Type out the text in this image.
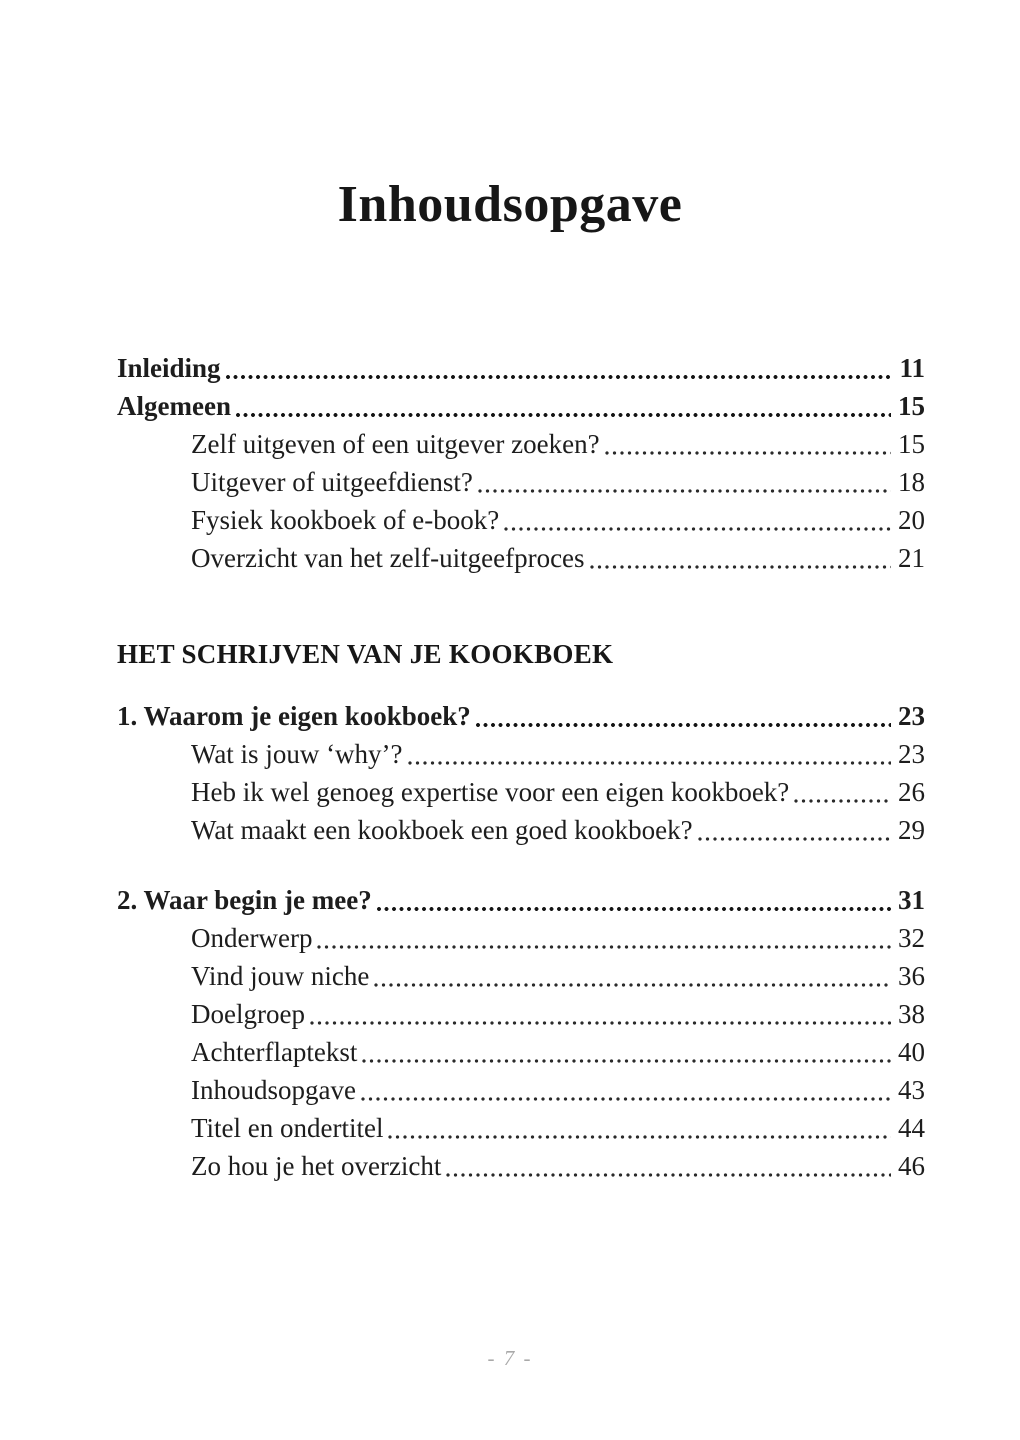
Inhoudsopgave
Inleiding	11
Algemeen	15
Zelf uitgeven of een uitgever zoeken?	15
Uitgever of uitgeefdienst?	18
Fysiek kookboek of e-book?	20
Overzicht van het zelf-uitgeefproces	21
HET SCHRIJVEN VAN JE KOOKBOEK
1. Waarom je eigen kookboek?	23
Wat is jouw ‘why’?	23
Heb ik wel genoeg expertise voor een eigen kookboek?	26
Wat maakt een kookboek een goed kookboek?	29
2. Waar begin je mee?	31
Onderwerp	32
Vind jouw niche	36
Doelgroep	38
Achterflaptekst	40
Inhoudsopgave	43
Titel en ondertitel	44
Zo hou je het overzicht	46
- 7 -
